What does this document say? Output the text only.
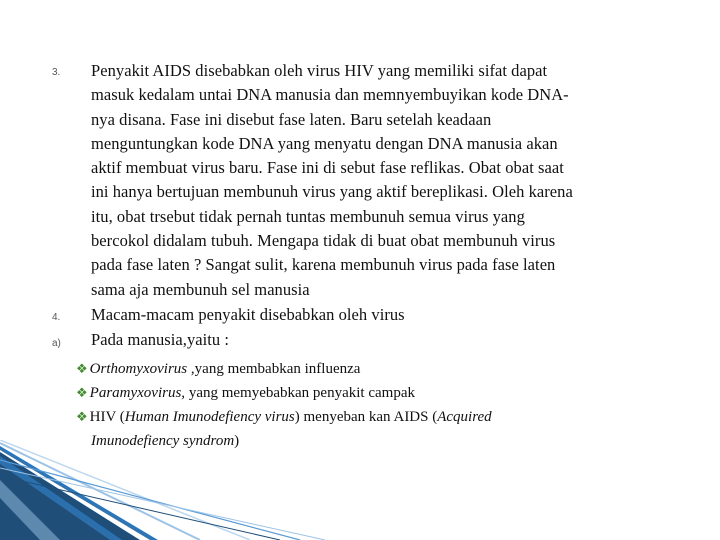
3. Penyakit AIDS disebabkan oleh virus HIV yang memiliki sifat dapat
masuk kedalam untai DNA manusia dan memnyembuyikan kode DNA-
nya disana. Fase ini disebut fase laten. Baru setelah keadaan
menguntungkan kode DNA yang menyatu dengan DNA manusia akan
aktif membuat virus baru. Fase ini di sebut fase reflikas. Obat obat saat
ini hanya bertujuan membunuh virus yang aktif bereplikasi. Oleh karena
itu, obat trsebut tidak pernah tuntas membunuh semua virus yang
bercokol didalam tubuh. Mengapa tidak di buat obat membunuh virus
pada fase laten ? Sangat sulit, karena membunuh virus pada fase laten
sama aja membunuh sel manusia
4. Macam-macam penyakit disebabkan oleh virus
a) Pada manusia,yaitu :
❖ Orthomyxovirus ,yang membabkan influenza
❖ Paramyxovirus, yang memyebabkan penyakit campak
❖ HIV (Human Imunodefiency virus) menyeban kan AIDS (Acquired
Imunodefiency syndrom)
